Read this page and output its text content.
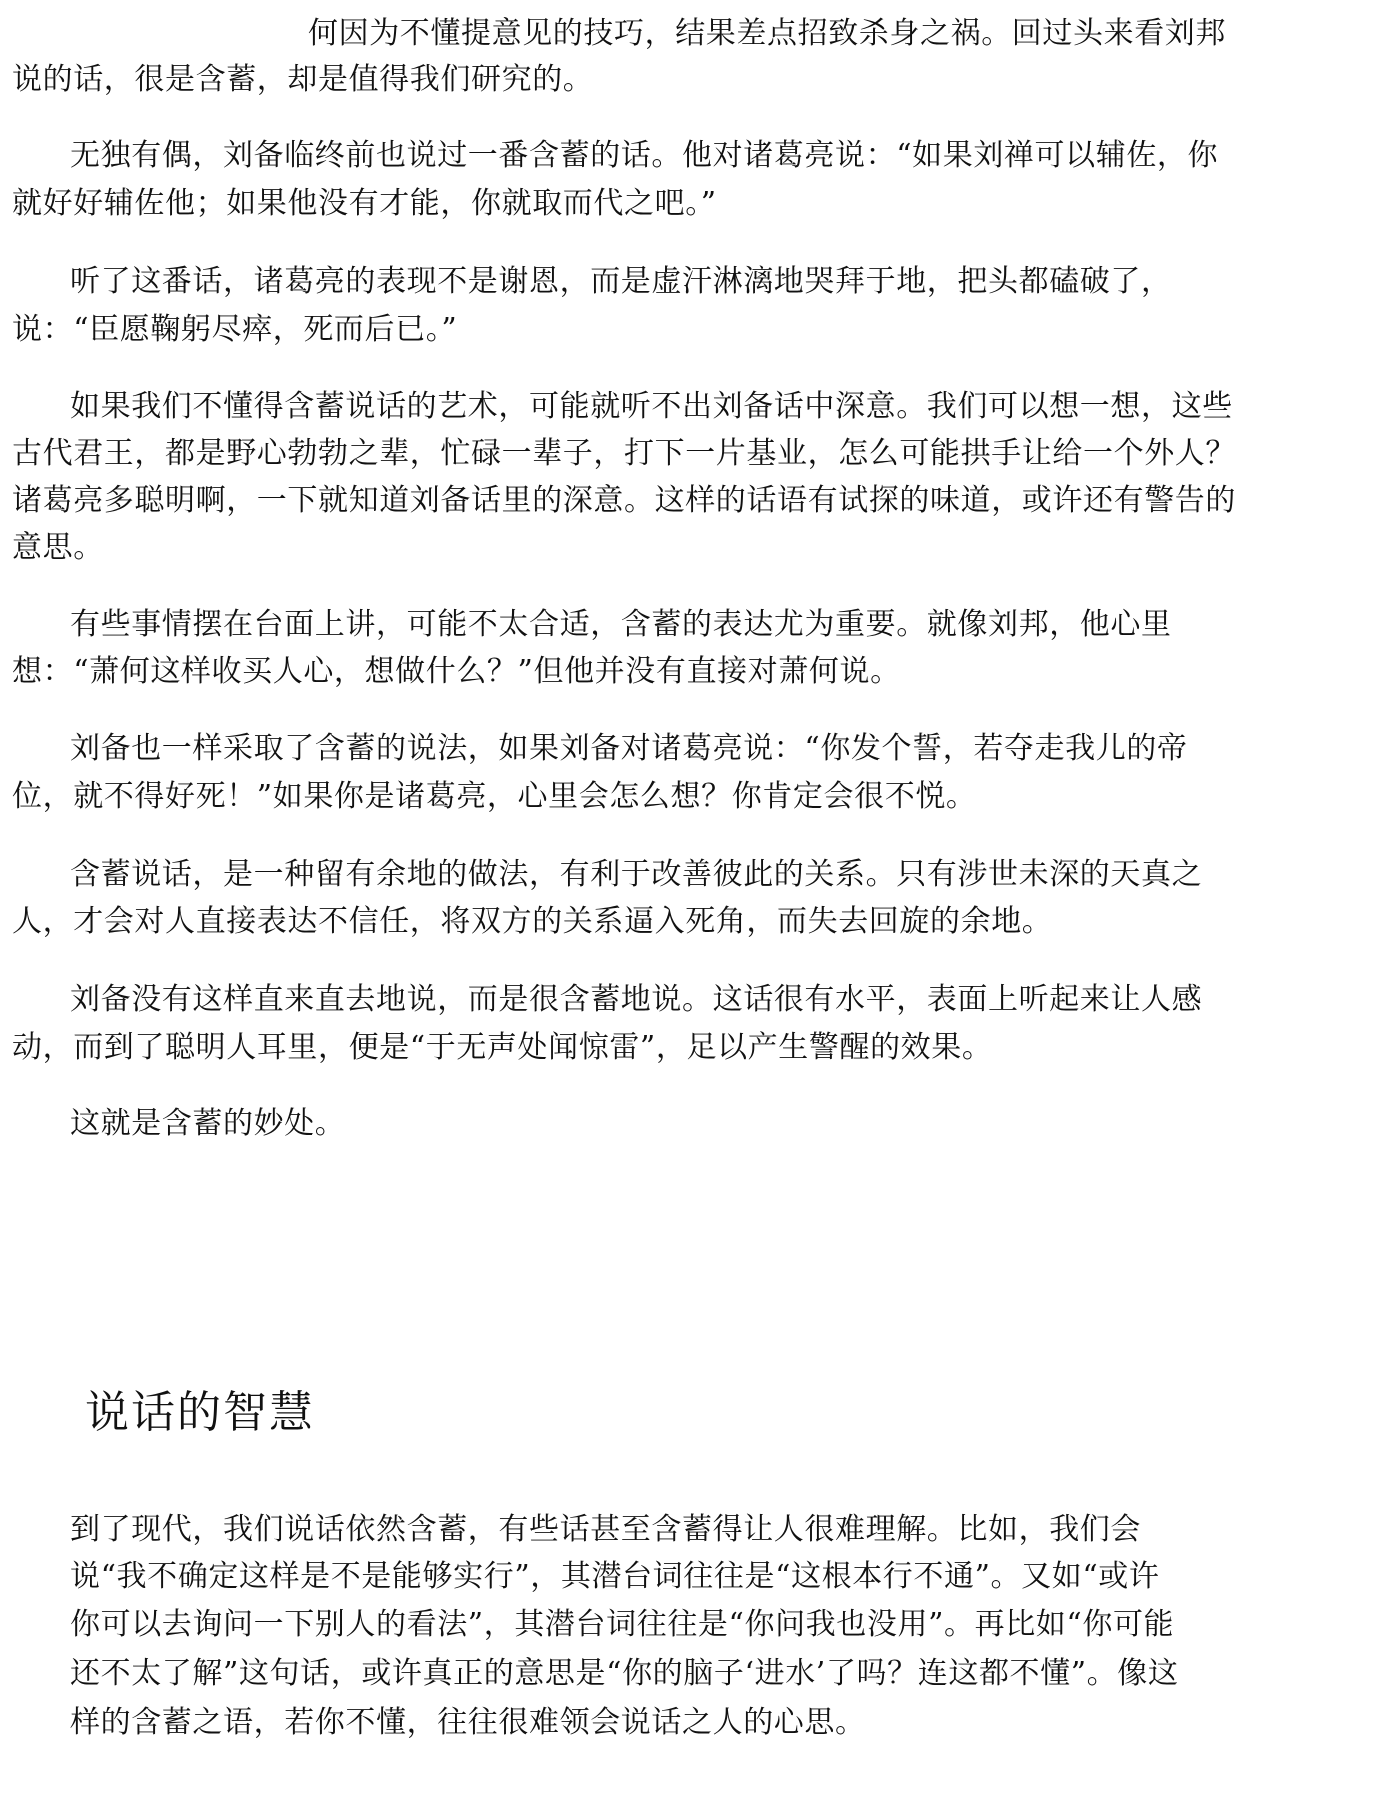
何因为不懂提意见的技巧，结果差点招致杀身之祸。回过头来看刘邦
说的话，很是含蓄，却是值得我们研究的。
无独有偶，刘备临终前也说过一番含蓄的话。他对诸葛亮说：“如果刘禅可以辅佐，你
就好好辅佐他；如果他没有才能，你就取而代之吧。”
听了这番话，诸葛亮的表现不是谢恩，而是虚汗淋漓地哭拜于地，把头都磕破了，
说：“臣愿鞠躬尽瘁，死而后已。”
如果我们不懂得含蓄说话的艺术，可能就听不出刘备话中深意。我们可以想一想，这些
古代君王，都是野心勃勃之辈，忙碌一辈子，打下一片基业，怎么可能拱手让给一个外人？
诸葛亮多聪明啊，一下就知道刘备话里的深意。这样的话语有试探的味道，或许还有警告的
意思。
有些事情摆在台面上讲，可能不太合适，含蓄的表达尤为重要。就像刘邦，他心里
想：“萧何这样收买人心，想做什么？”但他并没有直接对萧何说。
刘备也一样采取了含蓄的说法，如果刘备对诸葛亮说：“你发个誓，若夺走我儿的帝
位，就不得好死！”如果你是诸葛亮，心里会怎么想？你肯定会很不悦。
含蓄说话，是一种留有余地的做法，有利于改善彼此的关系。只有涉世未深的天真之
人，才会对人直接表达不信任，将双方的关系逼入死角，而失去回旋的余地。
刘备没有这样直来直去地说，而是很含蓄地说。这话很有水平，表面上听起来让人感
动，而到了聪明人耳里，便是“于无声处闻惊雷”，足以产生警醒的效果。
这就是含蓄的妙处。
说话的智慧
到了现代，我们说话依然含蓄，有些话甚至含蓄得让人很难理解。比如，我们会
说“我不确定这样是不是能够实行”，其潜台词往往是“这根本行不通”。又如“或许
你可以去询问一下别人的看法”，其潜台词往往是“你问我也没用”。再比如“你可能
还不太了解”这句话，或许真正的意思是“你的脑子‘进水’了吗？连这都不懂”。像这
样的含蓄之语，若你不懂，往往很难领会说话之人的心思。
